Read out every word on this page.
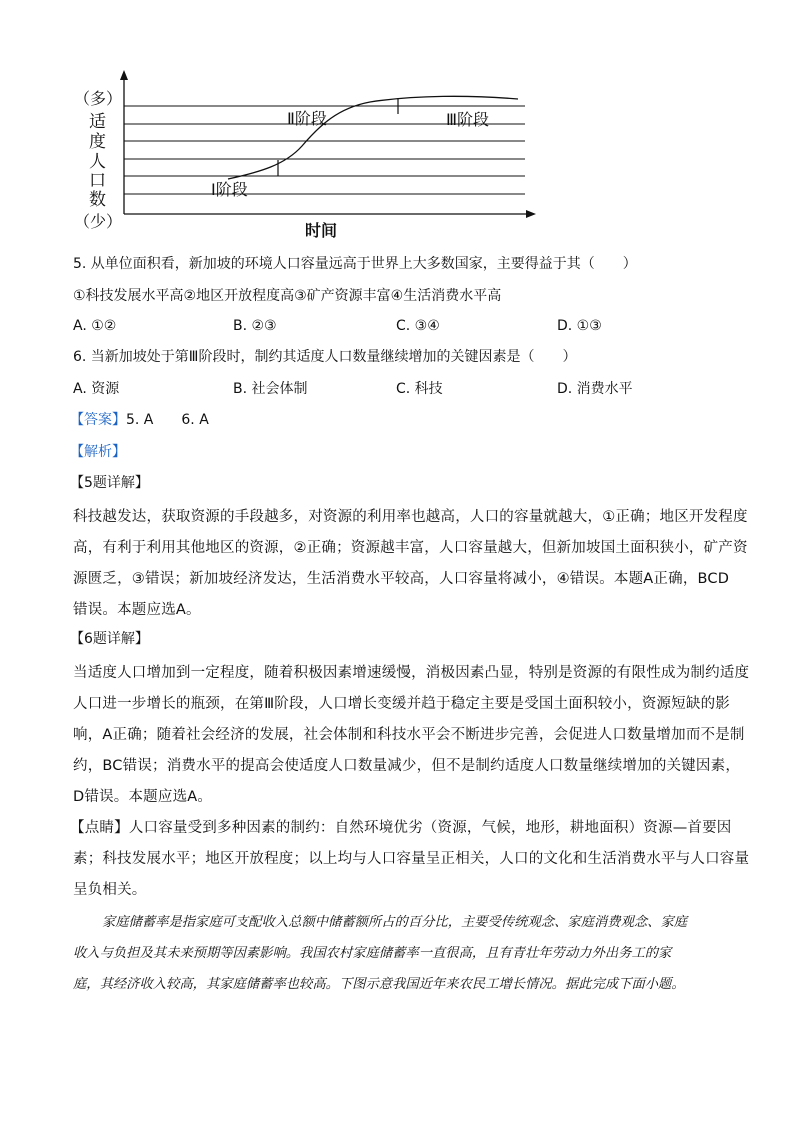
（多）
适
度
人
口
数
（少）	时间
Ⅰ阶段
Ⅱ阶段	Ⅲ阶段
5. 从单位面积看，新加坡的环境人口容量远高于世界上大多数国家，主要得益于其（　　）
①科技发展水平高②地区开放程度高③矿产资源丰富④生活消费水平高
A. ①②	B. ②③	C. ③④	D. ①③
6. 当新加坡处于第Ⅲ阶段时，制约其适度人口数量继续增加的关键因素是（　　）
A. 资源	B. 社会体制	C. 科技	D. 消费水平
【答案】5. A　　6. A
【解析】
【5题详解】
科技越发达，获取资源的手段越多，对资源的利用率也越高，人口的容量就越大，①正确；地区开发程度
高，有利于利用其他地区的资源，②正确；资源越丰富，人口容量越大，但新加坡国土面积狭小，矿产资
源匮乏，③错误；新加坡经济发达，生活消费水平较高，人口容量将减小，④错误。本题A正确，BCD
错误。本题应选A。
【6题详解】
当适度人口增加到一定程度，随着积极因素增速缓慢，消极因素凸显，特别是资源的有限性成为制约适度
人口进一步增长的瓶颈，在第Ⅲ阶段，人口增长变缓并趋于稳定主要是受国土面积较小，资源短缺的影
响，A正确；随着社会经济的发展，社会体制和科技水平会不断进步完善，会促进人口数量增加而不是制
约，BC错误；消费水平的提高会使适度人口数量减少，但不是制约适度人口数量继续增加的关键因素，
D错误。本题应选A。
【点睛】人口容量受到多种因素的制约：自然环境优劣（资源，气候，地形，耕地面积）资源—首要因
素；科技发展水平；地区开放程度；以上均与人口容量呈正相关，人口的文化和生活消费水平与人口容量
呈负相关。
家庭储蓄率是指家庭可支配收入总额中储蓄额所占的百分比，主要受传统观念、家庭消费观念、家庭
收入与负担及其未来预期等因素影响。我国农村家庭储蓄率一直很高，且有青壮年劳动力外出务工的家
庭，其经济收入较高，其家庭储蓄率也较高。下图示意我国近年来农民工增长情况。据此完成下面小题。
